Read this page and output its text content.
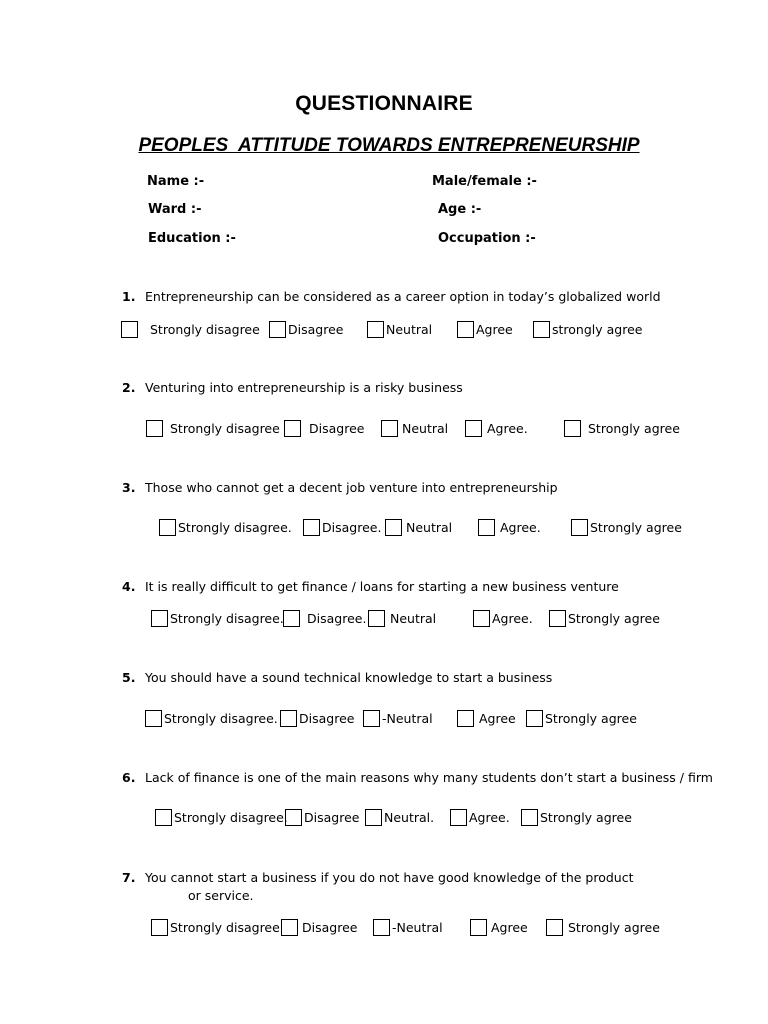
QUESTIONNAIRE
PEOPLES  ATTITUDE TOWARDS ENTREPRENEURSHIP
Name :-	Male/female :-
Ward :-	Age :-
Education :-	Occupation :-
1. Entrepreneurship can be considered as a career option in today’s globalized world
Strongly disagree Disagree	Neutral	Agree	strongly agree
2. Venturing into entrepreneurship is a risky business
Strongly disagree Disagree	Neutral	Agree.	Strongly agree
3. Those who cannot get a decent job venture into entrepreneurship
Strongly disagree. Disagree. Neutral	Agree.	Strongly agree
4. It is really difficult to get finance / loans for starting a new business venture
Strongly disagree. Disagree. Neutral	Agree.	Strongly agree
5. You should have a sound technical knowledge to start a business
Strongly disagree. Disagree -Neutral	Agree Strongly agree
6. Lack of finance is one of the main reasons why many students don’t start a business / firm
Strongly disagree. Disagree Neutral.	Agree. Strongly agree
7. You cannot start a business if you do not have good knowledge of the product
or service.
Strongly disagree Disagree	-Neutral	Agree	Strongly agree
